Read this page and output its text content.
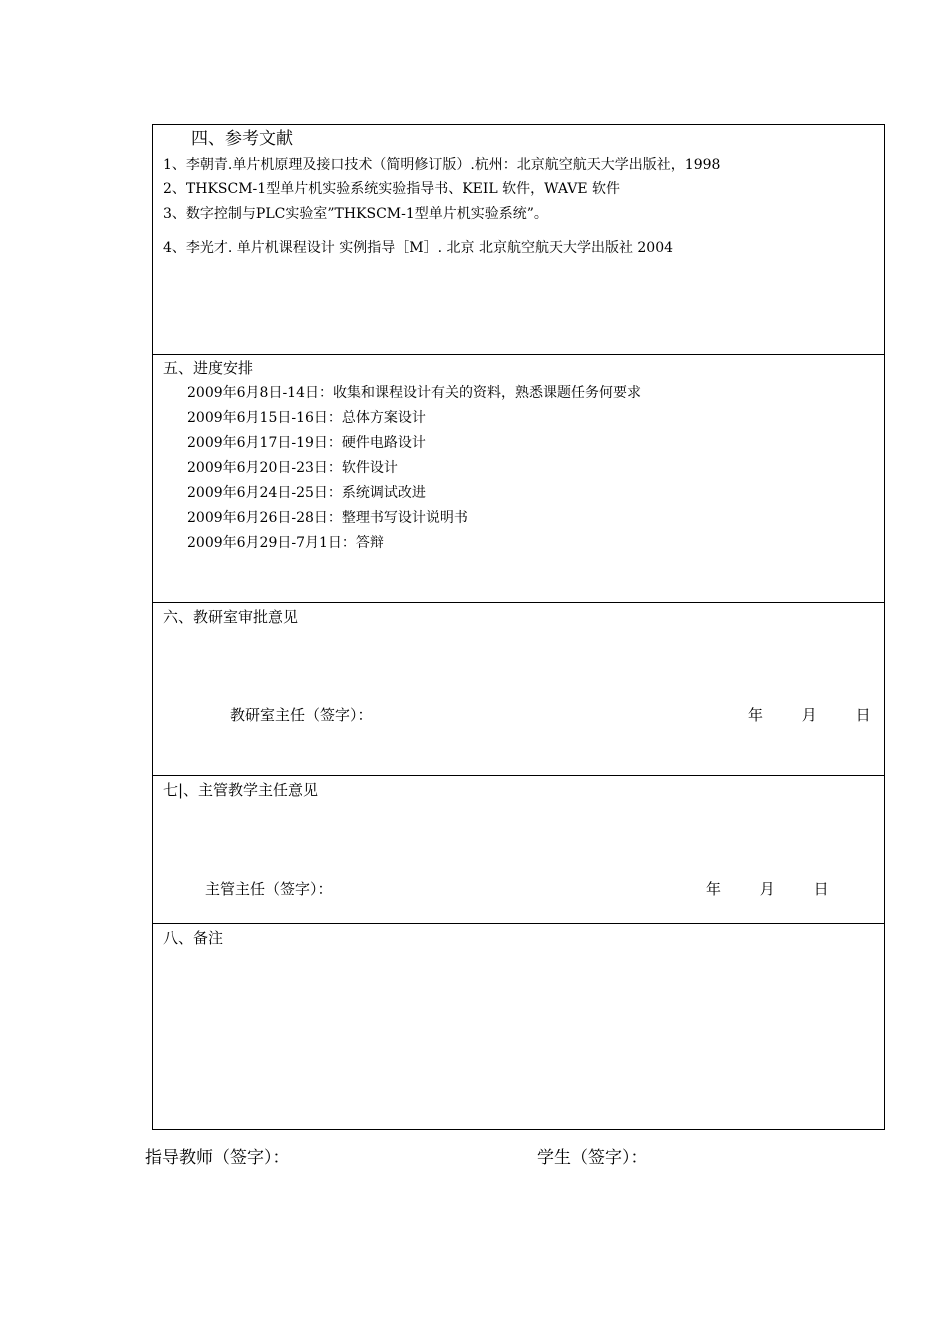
四、参考文献
1、李朝青.单片机原理及接口技术（简明修订版）.杭州：北京航空航天大学出版社，1998
2、THKSCM-1型单片机实验系统实验指导书、KEIL 软件，WAVE 软件
3、数字控制与PLC实验室”THKSCM-1型单片机实验系统”。
4、李光才. 单片机课程设计 实例指导［M］. 北京 北京航空航天大学出版社 2004
五、进度安排
2009年6月8日-14日：收集和课程设计有关的资料，熟悉课题任务何要求
2009年6月15日-16日：总体方案设计
2009年6月17日-19日：硬件电路设计
2009年6月20日-23日：软件设计
2009年6月24日-25日：系统调试改进
2009年6月26日-28日：整理书写设计说明书
2009年6月29日-7月1日：答辩
六、教研室审批意见
教研室主任（签字）：	年	月	日
七|、主管教学主任意见
主管主任（签字）：	年	月	日
八、备注
指导教师（签字）：	学生（签字）：
